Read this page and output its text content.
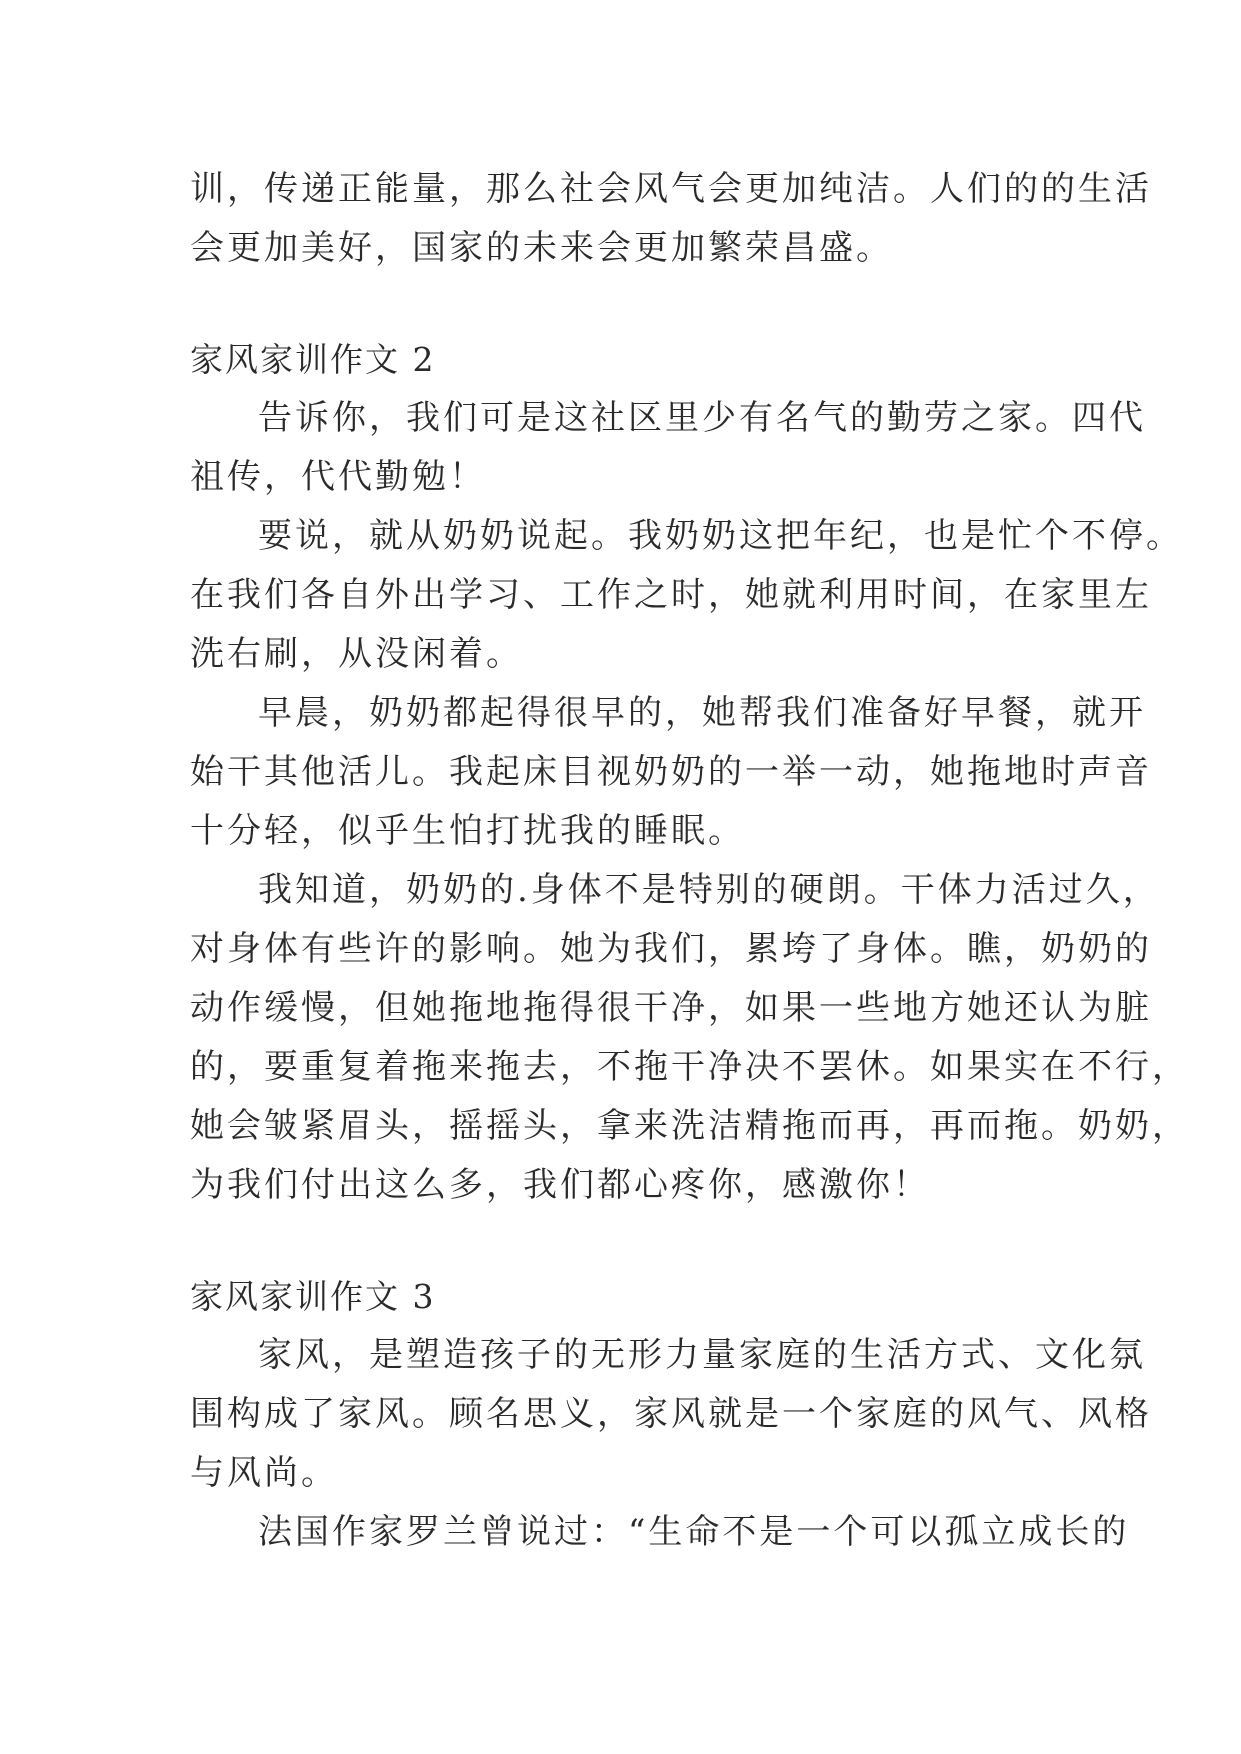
训，传递正能量，那么社会风气会更加纯洁。人们的的生活
会更加美好，国家的未来会更加繁荣昌盛。
家风家训作文 2
告诉你，我们可是这社区里少有名气的勤劳之家。四代
祖传，代代勤勉！
要说，就从奶奶说起。我奶奶这把年纪，也是忙个不停。
在我们各自外出学习、工作之时，她就利用时间，在家里左
洗右刷，从没闲着。
早晨，奶奶都起得很早的，她帮我们准备好早餐，就开
始干其他活儿。我起床目视奶奶的一举一动，她拖地时声音
十分轻，似乎生怕打扰我的睡眠。
我知道，奶奶的.身体不是特别的硬朗。干体力活过久，
对身体有些许的影响。她为我们，累垮了身体。瞧，奶奶的
动作缓慢，但她拖地拖得很干净，如果一些地方她还认为脏
的，要重复着拖来拖去，不拖干净决不罢休。如果实在不行，
她会皱紧眉头，摇摇头，拿来洗洁精拖而再，再而拖。奶奶，
为我们付出这么多，我们都心疼你，感激你！
家风家训作文 3
家风，是塑造孩子的无形力量家庭的生活方式、文化氛
围构成了家风。顾名思义，家风就是一个家庭的风气、风格
与风尚。
法国作家罗兰曾说过：“生命不是一个可以孤立成长的
